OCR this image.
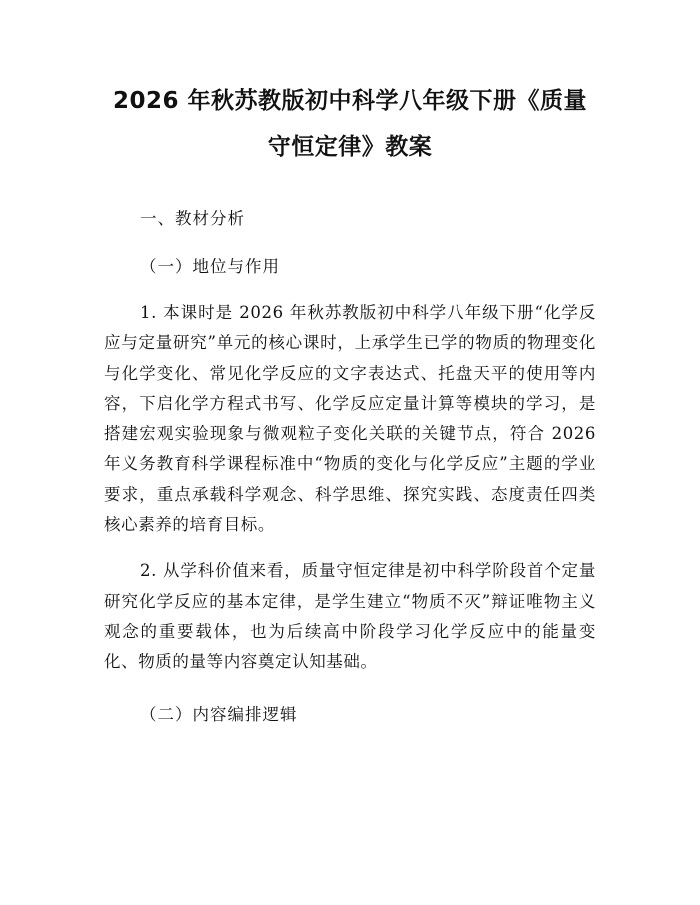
2026 年秋苏教版初中科学八年级下册《质量
守恒定律》教案

一、教材分析

（一）地位与作用

1. 本课时是 2026 年秋苏教版初中科学八年级下册“化学反应与定量研究”单元的核心课时，上承学生已学的物质的物理变化与化学变化、常见化学反应的文字表达式、托盘天平的使用等内容，下启化学方程式书写、化学反应定量计算等模块的学习，是搭建宏观实验现象与微观粒子变化关联的关键节点，符合 2026 年义务教育科学课程标准中“物质的变化与化学反应”主题的学业要求，重点承载科学观念、科学思维、探究实践、态度责任四类核心素养的培育目标。

2. 从学科价值来看，质量守恒定律是初中科学阶段首个定量研究化学反应的基本定律，是学生建立“物质不灭”辩证唯物主义观念的重要载体，也为后续高中阶段学习化学反应中的能量变化、物质的量等内容奠定认知基础。

（二）内容编排逻辑
